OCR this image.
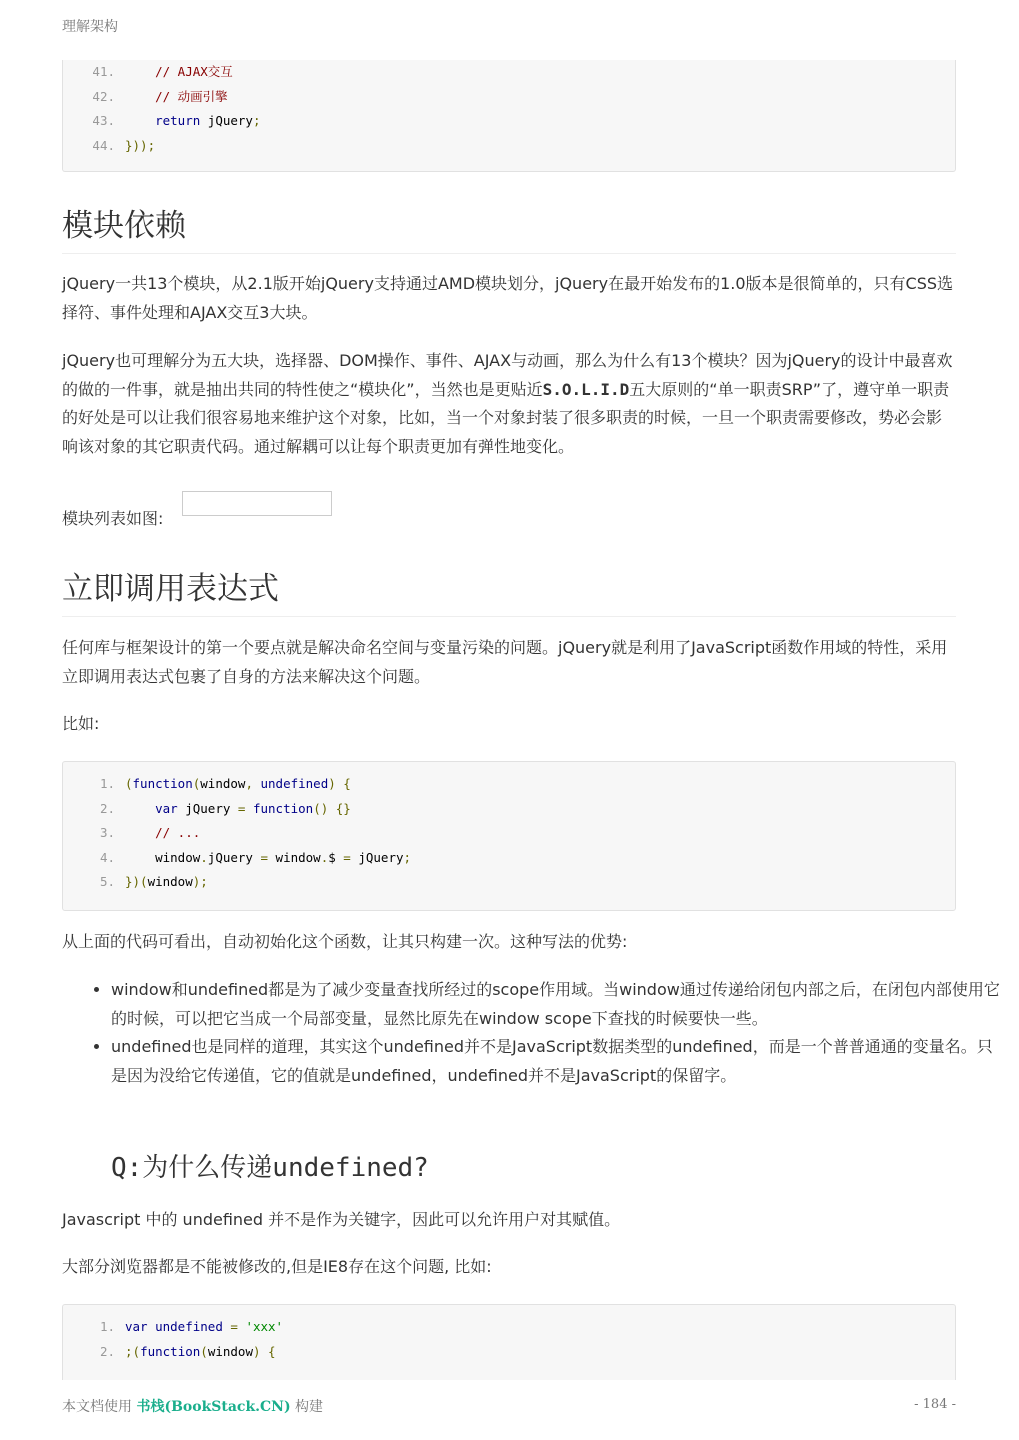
理解架构
41.	// AJAX交互
42.	// 动画引擎
43.	return jQuery;
44. }));
模块依赖

jQuery一共13个模块，从2.1版开始jQuery支持通过AMD模块划分，jQuery在最开始发布的1.0版本是很简单的，只有CSS选择符、事件处理和AJAX交互3大块。

jQuery也可理解分为五大块，选择器、DOM操作、事件、AJAX与动画，那么为什么有13个模块？因为jQuery的设计中最喜欢的做的一件事，就是抽出共同的特性使之“模块化”，当然也是更贴近S.O.L.I.D五大原则的“单一职责SRP”了，遵守单一职责的好处是可以让我们很容易地来维护这个对象，比如，当一个对象封装了很多职责的时候，一旦一个职责需要修改，势必会影响该对象的其它职责代码。通过解耦可以让每个职责更加有弹性地变化。

模块列表如图:

立即调用表达式

任何库与框架设计的第一个要点就是解决命名空间与变量污染的问题。jQuery就是利用了JavaScript函数作用域的特性，采用立即调用表达式包裹了自身的方法来解决这个问题。

比如:

1. (function(window, undefined) {
2.	var jQuery = function() {}
3.	// ...
4.	window.jQuery = window.$ = jQuery;
5. })(window);

从上面的代码可看出，自动初始化这个函数，让其只构建一次。这种写法的优势:

• window和undefined都是为了减少变量查找所经过的scope作用域。当window通过传递给闭包内部之后，在闭包内部使用它的时候，可以把它当成一个局部变量，显然比原先在window scope下查找的时候要快一些。
• undefined也是同样的道理，其实这个undefined并不是JavaScript数据类型的undefined，而是一个普普通通的变量名。只是因为没给它传递值，它的值就是undefined，undefined并不是JavaScript的保留字。
Q:为什么传递undefined?

Javascript 中的 undefined 并不是作为关键字，因此可以允许用户对其赋值。

大部分浏览器都是不能被修改的,但是IE8存在这个问题, 比如:

1. var undefined = 'xxx'
2. ;(function(window) {
本文档使用 书栈(BookStack.CN) 构建	- 184 -
